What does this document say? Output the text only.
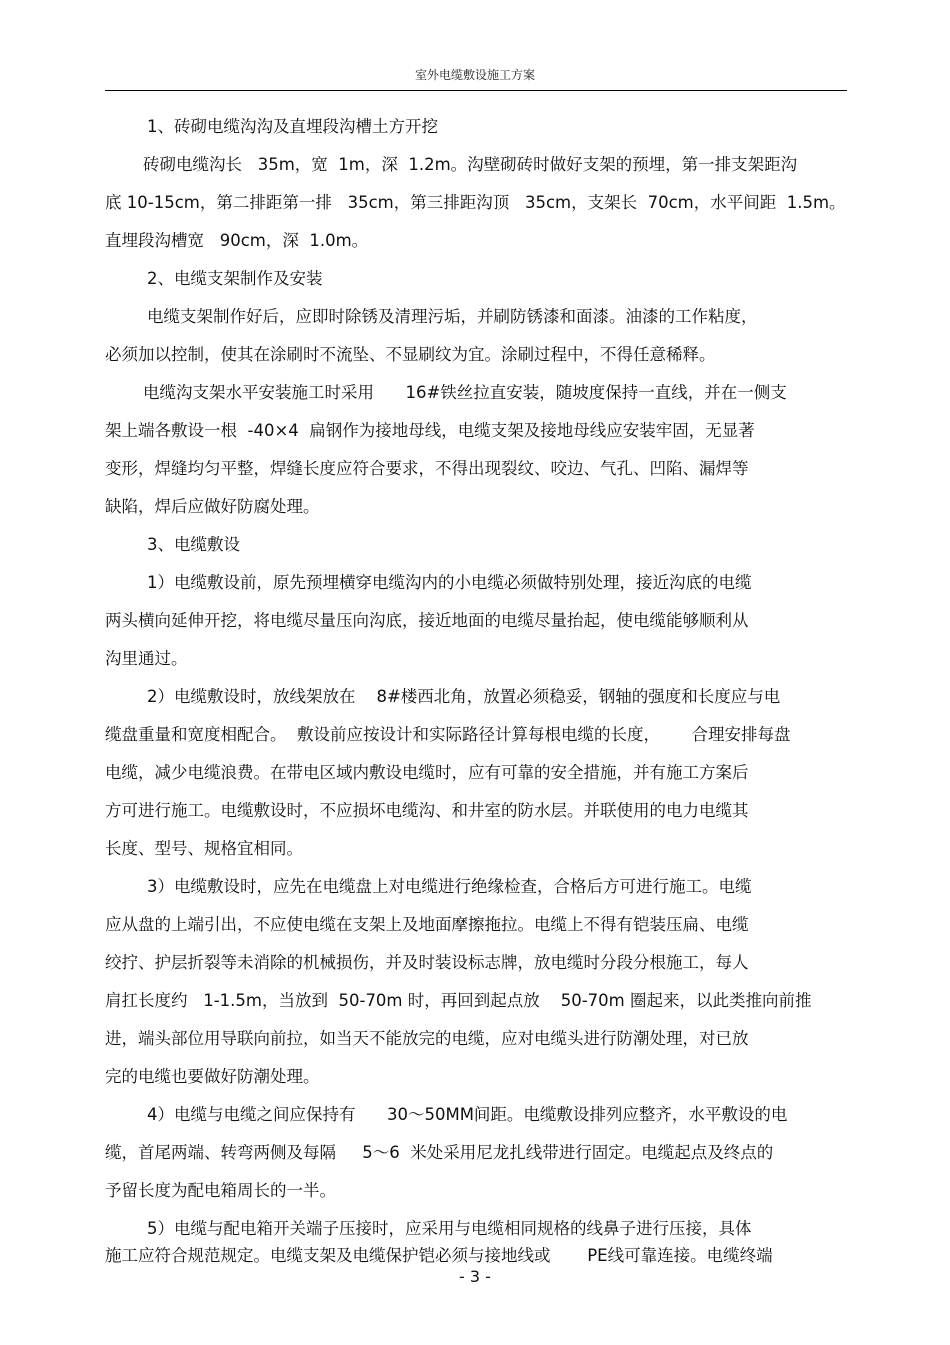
室外电缆敷设施工方案
1、砖砌电缆沟沟及直埋段沟槽土方开挖
砖砌电缆沟长   35m，宽  1m，深  1.2m。沟壁砌砖时做好支架的预埋，第一排支架距沟
底 10-15cm，第二排距第一排   35cm，第三排距沟顶   35cm，支架长  70cm，水平间距  1.5m。
直埋段沟槽宽   90cm，深  1.0m。
2、电缆支架制作及安装
电缆支架制作好后，应即时除锈及清理污垢，并刷防锈漆和面漆。油漆的工作粘度，
必须加以控制，使其在涂刷时不流坠、不显刷纹为宜。涂刷过程中，不得任意稀释。
电缆沟支架水平安装施工时采用      16#铁丝拉直安装，随坡度保持一直线，并在一侧支
架上端各敷设一根  -40×4  扁钢作为接地母线，电缆支架及接地母线应安装牢固，无显著
变形，焊缝均匀平整，焊缝长度应符合要求，不得出现裂纹、咬边、气孔、凹陷、漏焊等
缺陷，焊后应做好防腐处理。
3、电缆敷设
1）电缆敷设前，原先预埋横穿电缆沟内的小电缆必须做特别处理，接近沟底的电缆
两头横向延伸开挖，将电缆尽量压向沟底，接近地面的电缆尽量抬起，使电缆能够顺利从
沟里通过。
2）电缆敷设时，放线架放在    8#楼西北角，放置必须稳妥，钢轴的强度和长度应与电
缆盘重量和宽度相配合。  敷设前应按设计和实际路径计算每根电缆的长度，      合理安排每盘
电缆，减少电缆浪费。在带电区域内敷设电缆时，应有可靠的安全措施，并有施工方案后
方可进行施工。电缆敷设时，不应损坏电缆沟、和井室的防水层。并联使用的电力电缆其
长度、型号、规格宜相同。
3）电缆敷设时，应先在电缆盘上对电缆进行绝缘检查，合格后方可进行施工。电缆
应从盘的上端引出，不应使电缆在支架上及地面摩擦拖拉。电缆上不得有铠装压扁、电缆
绞拧、护层折裂等未消除的机械损伤，并及时装设标志牌，放电缆时分段分根施工，每人
肩扛长度约   1-1.5m，当放到  50-70m 时，再回到起点放    50-70m 圈起来，以此类推向前推
进，端头部位用导联向前拉，如当天不能放完的电缆，应对电缆头进行防潮处理，对已放
完的电缆也要做好防潮处理。
4）电缆与电缆之间应保持有      30～50MM间距。电缆敷设排列应整齐，水平敷设的电
缆，首尾两端、转弯两侧及每隔     5～6  米处采用尼龙扎线带进行固定。电缆起点及终点的
予留长度为配电箱周长的一半。
5）电缆与配电箱开关端子压接时，应采用与电缆相同规格的线鼻子进行压接，具体
施工应符合规范规定。电缆支架及电缆保护铠必须与接地线或       PE线可靠连接。电缆终端
- 3 -
